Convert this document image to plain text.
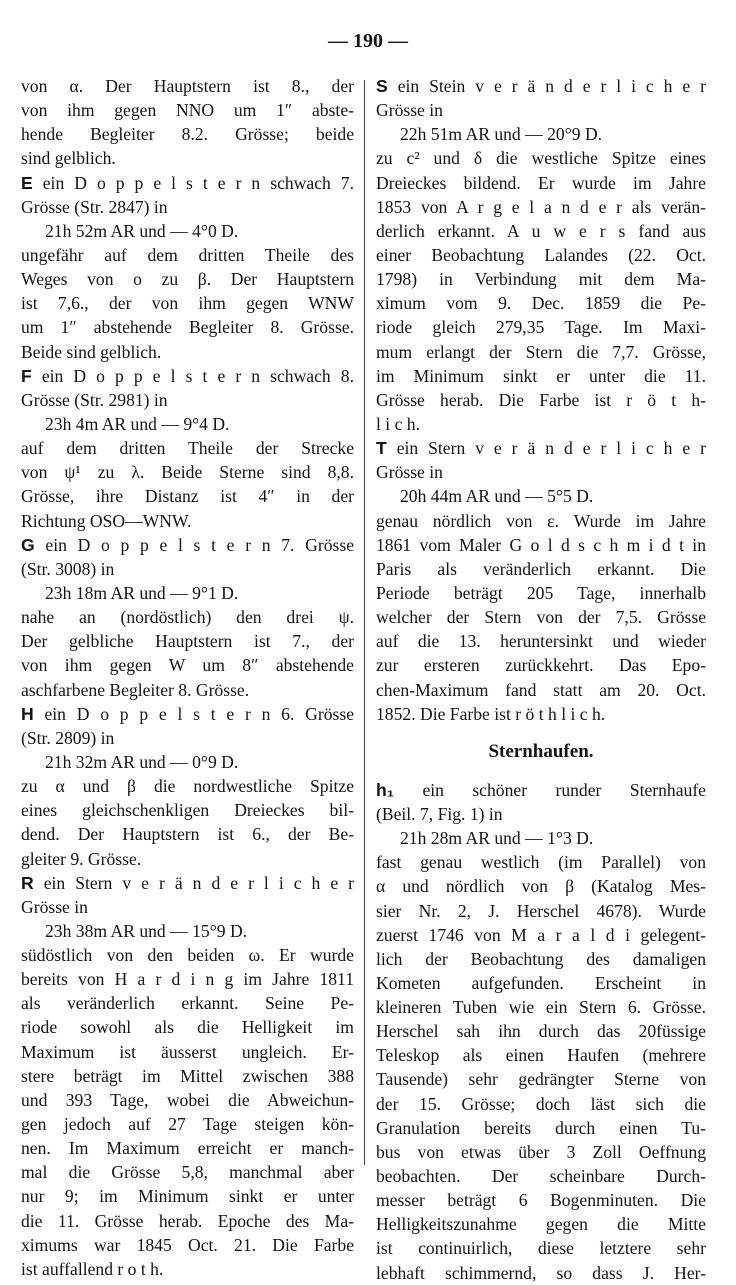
— 190 —
von α. Der Hauptstern ist 8., der
von ihm gegen NNO um 1″ abste-
hende Begleiter 8.2. Grösse; beide
sind gelblich.
E ein D o p p e l s t e r n schwach 7.
Grösse (Str. 2847) in
21h 52m AR und — 4°0 D.
ungefähr auf dem dritten Theile des
Weges von ο zu β. Der Hauptstern
ist 7,6., der von ihm gegen WNW
um 1″ abstehende Begleiter 8. Grösse.
Beide sind gelblich.
F ein D o p p e l s t e r n schwach 8.
Grösse (Str. 2981) in
23h 4m AR und — 9°4 D.
auf dem dritten Theile der Strecke
von ψ¹ zu λ. Beide Sterne sind 8,8.
Grösse, ihre Distanz ist 4″ in der
Richtung OSO—WNW.
G ein D o p p e l s t e r n 7. Grösse
(Str. 3008) in
23h 18m AR und — 9°1 D.
nahe an (nordöstlich) den drei ψ.
Der gelbliche Hauptstern ist 7., der
von ihm gegen W um 8″ abstehende
aschfarbene Begleiter 8. Grösse.
H ein D o p p e l s t e r n 6. Grösse
(Str. 2809) in
21h 32m AR und — 0°9 D.
zu α und β die nordwestliche Spitze
eines gleichschenkligen Dreieckes bil-
dend. Der Hauptstern ist 6., der Be-
gleiter 9. Grösse.
R ein Stern v e r ä n d e r l i c h e r
Grösse in
23h 38m AR und — 15°9 D.
südöstlich von den beiden ω. Er wurde
bereits von H a r d i n g im Jahre 1811
als veränderlich erkannt. Seine Pe-
riode sowohl als die Helligkeit im
Maximum ist äusserst ungleich. Er-
stere beträgt im Mittel zwischen 388
und 393 Tage, wobei die Abweichun-
gen jedoch auf 27 Tage steigen kön-
nen. Im Maximum erreicht er manch-
mal die Grösse 5,8, manchmal aber
nur 9; im Minimum sinkt er unter
die 11. Grösse herab. Epoche des Ma-
ximums war 1845 Oct. 21. Die Farbe
ist auffallend r o t h.
S ein Stein v e r ä n d e r l i c h e r
Grösse in
22h 51m AR und — 20°9 D.
zu c² und δ die westliche Spitze eines
Dreieckes bildend. Er wurde im Jahre
1853 von A r g e l a n d e r als verän-
derlich erkannt. A u w e r s fand aus
einer Beobachtung Lalandes (22. Oct.
1798) in Verbindung mit dem Ma-
ximum vom 9. Dec. 1859 die Pe-
riode gleich 279,35 Tage. Im Maxi-
mum erlangt der Stern die 7,7. Grösse,
im Minimum sinkt er unter die 11.
Grösse herab. Die Farbe ist r ö t h-
l i c h.
T ein Stern v e r ä n d e r l i c h e r
Grösse in
20h 44m AR und — 5°5 D.
genau nördlich von ε. Wurde im Jahre
1861 vom Maler G o l d s c h m i d t in
Paris als veränderlich erkannt. Die
Periode beträgt 205 Tage, innerhalb
welcher der Stern von der 7,5. Grösse
auf die 13. heruntersinkt und wieder
zur ersteren zurückkehrt. Das Epo-
chen-Maximum fand statt am 20. Oct.
1852. Die Farbe ist r ö t h l i c h.
Sternhaufen.
h₁ ein schöner runder Sternhaufe
(Beil. 7, Fig. 1) in
21h 28m AR und — 1°3 D.
fast genau westlich (im Parallel) von
α und nördlich von β (Katalog Mes-
sier Nr. 2, J. Herschel 4678). Wurde
zuerst 1746 von M a r a l d i gelegent-
lich der Beobachtung des damaligen
Kometen aufgefunden. Erscheint in
kleineren Tuben wie ein Stern 6. Grösse.
Herschel sah ihn durch das 20füssige
Teleskop als einen Haufen (mehrere
Tausende) sehr gedrängter Sterne von
der 15. Grösse; doch läst sich die
Granulation bereits durch einen Tu-
bus von etwas über 3 Zoll Oeffnung
beobachten. Der scheinbare Durch-
messer beträgt 6 Bogenminuten. Die
Helligkeitszunahme gegen die Mitte
ist continuirlich, diese letztere sehr
lebhaft schimmernd, so dass J. Her-
